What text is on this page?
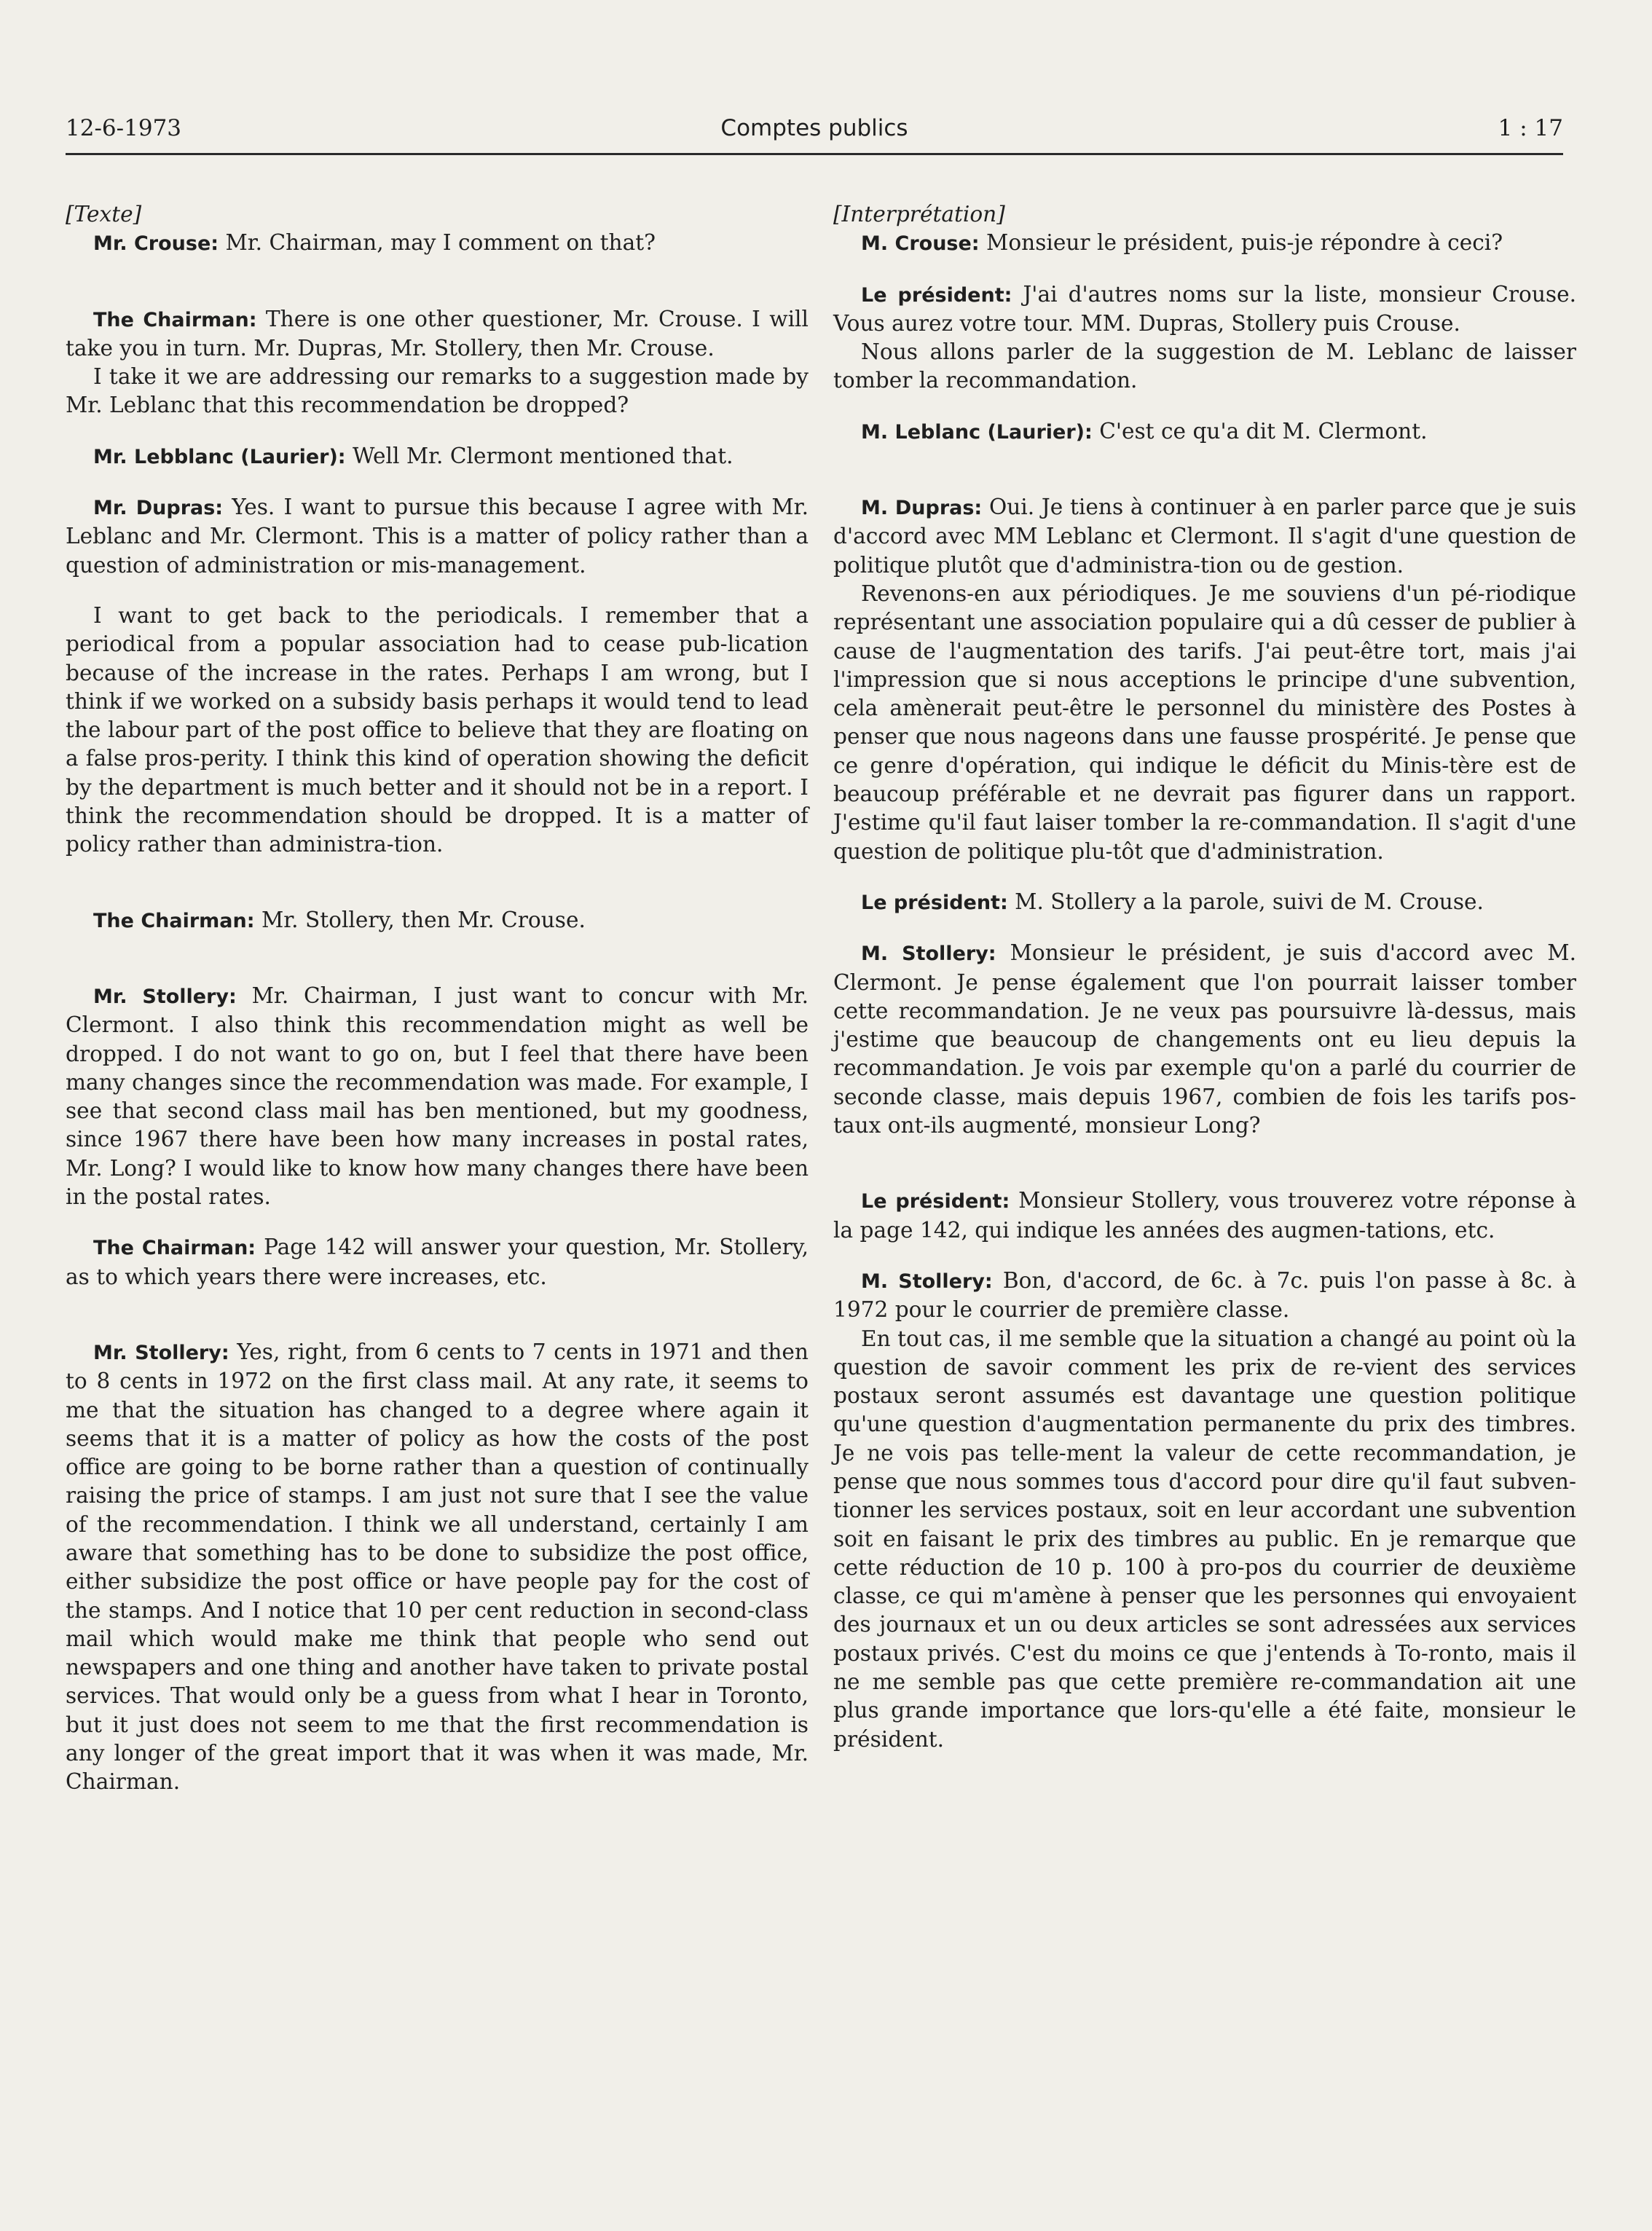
12-6-1973	Comptes publics	1 : 17

[Texte]

Mr. Crouse: Mr. Chairman, may I comment on that?

The Chairman: There is one other questioner, Mr. Crouse. I will take you in turn. Mr. Dupras, Mr. Stollery, then Mr. Crouse.

I take it we are addressing our remarks to a suggestion made by Mr. Leblanc that this recommendation be dropped?

Mr. Lebblanc (Laurier): Well Mr. Clermont mentioned that.

Mr. Dupras: Yes. I want to pursue this because I agree with Mr. Leblanc and Mr. Clermont. This is a matter of policy rather than a question of administration or mis-management.

I want to get back to the periodicals. I remember that a periodical from a popular association had to cease pub-lication because of the increase in the rates. Perhaps I am wrong, but I think if we worked on a subsidy basis perhaps it would tend to lead the labour part of the post office to believe that they are floating on a false pros-perity. I think this kind of operation showing the deficit by the department is much better and it should not be in a report. I think the recommendation should be dropped. It is a matter of policy rather than administra-tion.

The Chairman: Mr. Stollery, then Mr. Crouse.

Mr. Stollery: Mr. Chairman, I just want to concur with Mr. Clermont. I also think this recommendation might as well be dropped. I do not want to go on, but I feel that there have been many changes since the recommendation was made. For example, I see that second class mail has ben mentioned, but my goodness, since 1967 there have been how many increases in postal rates, Mr. Long? I would like to know how many changes there have been in the postal rates.

The Chairman: Page 142 will answer your question, Mr. Stollery, as to which years there were increases, etc.

Mr. Stollery: Yes, right, from 6 cents to 7 cents in 1971 and then to 8 cents in 1972 on the first class mail. At any rate, it seems to me that the situation has changed to a degree where again it seems that it is a matter of policy as how the costs of the post office are going to be borne rather than a question of continually raising the price of stamps. I am just not sure that I see the value of the recommendation. I think we all understand, certainly I am aware that something has to be done to subsidize the post office, either subsidize the post office or have people pay for the cost of the stamps. And I notice that 10 per cent reduction in second-class mail which would make me think that people who send out newspapers and one thing and another have taken to private postal services. That would only be a guess from what I hear in Toronto, but it just does not seem to me that the first recommendation is any longer of the great import that it was when it was made, Mr. Chairman.

[Interprétation]

M. Crouse: Monsieur le président, puis-je répondre à ceci?

Le président: J'ai d'autres noms sur la liste, monsieur Crouse. Vous aurez votre tour. MM. Dupras, Stollery puis Crouse.

Nous allons parler de la suggestion de M. Leblanc de laisser tomber la recommandation.

M. Leblanc (Laurier): C'est ce qu'a dit M. Clermont.

M. Dupras: Oui. Je tiens à continuer à en parler parce que je suis d'accord avec MM Leblanc et Clermont. Il s'agit d'une question de politique plutôt que d'administra-tion ou de gestion.

Revenons-en aux périodiques. Je me souviens d'un pé-riodique représentant une association populaire qui a dû cesser de publier à cause de l'augmentation des tarifs. J'ai peut-être tort, mais j'ai l'impression que si nous acceptions le principe d'une subvention, cela amènerait peut-être le personnel du ministère des Postes à penser que nous nageons dans une fausse prospérité. Je pense que ce genre d'opération, qui indique le déficit du Minis-tère est de beaucoup préférable et ne devrait pas figurer dans un rapport. J'estime qu'il faut laiser tomber la re-commandation. Il s'agit d'une question de politique plu-tôt que d'administration.

Le président: M. Stollery a la parole, suivi de M. Crouse.

M. Stollery: Monsieur le président, je suis d'accord avec M. Clermont. Je pense également que l'on pourrait laisser tomber cette recommandation. Je ne veux pas poursuivre là-dessus, mais j'estime que beaucoup de changements ont eu lieu depuis la recommandation. Je vois par exemple qu'on a parlé du courrier de seconde classe, mais depuis 1967, combien de fois les tarifs pos-taux ont-ils augmenté, monsieur Long?

Le président: Monsieur Stollery, vous trouverez votre réponse à la page 142, qui indique les années des augmen-tations, etc.

M. Stollery: Bon, d'accord, de 6c. à 7c. puis l'on passe à 8c. à 1972 pour le courrier de première classe.

En tout cas, il me semble que la situation a changé au point où la question de savoir comment les prix de re-vient des services postaux seront assumés est davantage une question politique qu'une question d'augmentation permanente du prix des timbres. Je ne vois pas telle-ment la valeur de cette recommandation, je pense que nous sommes tous d'accord pour dire qu'il faut subven-tionner les services postaux, soit en leur accordant une subvention soit en faisant le prix des timbres au public. En je remarque que cette réduction de 10 p. 100 à pro-pos du courrier de deuxième classe, ce qui m'amène à penser que les personnes qui envoyaient des journaux et un ou deux articles se sont adressées aux services postaux privés. C'est du moins ce que j'entends à To-ronto, mais il ne me semble pas que cette première re-commandation ait une plus grande importance que lors-qu'elle a été faite, monsieur le président.
